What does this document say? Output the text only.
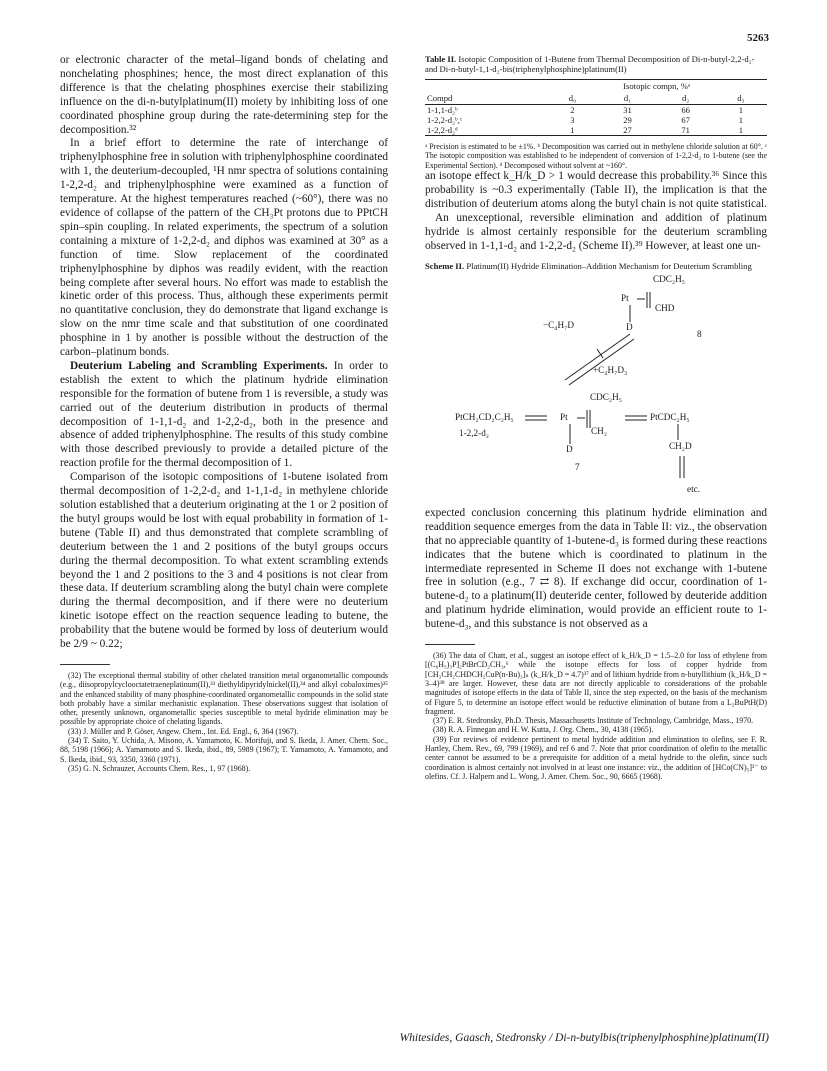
5263

or electronic character of the metal–ligand bonds of chelating and nonchelating phosphines; hence, the most direct explanation of this difference is that the chelating phosphines exercise their stabilizing influence on the di-n-butylplatinum(II) moiety by inhibiting loss of one coordinated phosphine group during the rate-determining step for the decomposition.³²

In a brief effort to determine the rate of interchange of triphenylphosphine free in solution with triphenylphosphine coordinated with 1, the deuterium-decoupled, ¹H nmr spectra of solutions containing 1-2,2-d₂ and triphenylphosphine were examined as a function of temperature. At the highest temperatures reached (~60°), there was no evidence of collapse of the pattern of the CH₃Pt protons due to PPtCH spin–spin coupling. In related experiments, the spectrum of a solution containing a mixture of 1-2,2-d₂ and diphos was examined at 30° as a function of time. Slow replacement of the coordinated triphenylphosphine by diphos was readily evident, with the reaction being complete after several hours. No effort was made to establish the kinetic order of this process. Thus, although these experiments permit no quantitative conclusion, they do demonstrate that ligand exchange is slow on the nmr time scale and that substitution of one coordinated phosphine in 1 by another is possible without the destruction of the carbon–platinum bonds.

Deuterium Labeling and Scrambling Experiments. In order to establish the extent to which the platinum hydride elimination responsible for the formation of butene from 1 is reversible, a study was carried out of the deuterium distribution in products of thermal decomposition of 1-1,1-d₂ and 1-2,2-d₂, both in the presence and absence of added triphenylphosphine. The results of this study combine with those described previously to provide a detailed picture of the reaction profile for the thermal decomposition of 1.

Comparison of the isotopic compositions of 1-butene isolated from thermal decomposition of 1-2,2-d₂ and 1-1,1-d₂ in methylene chloride solution established that a deuterium originating at the 1 or 2 position of the butyl groups would be lost with equal probability in formation of 1-butene (Table II) and thus demonstrated that complete scrambling of deuterium between the 1 and 2 positions of the butyl groups occurs during the thermal decomposition. To what extent scrambling extends beyond the 1 and 2 positions to the 3 and 4 positions is not clear from these data. If deuterium scrambling along the butyl chain were complete during the thermal decomposition, and if there were no deuterium kinetic isotope effect on the reaction sequence leading to butene, the probability that the butene would be formed by loss of deuterium would be 2/9 ~ 0.22;

(32) The exceptional thermal stability of other chelated transition metal organometallic compounds (e.g., diisopropylcyclooctatetraeneplatinum(II),³³ diethyldipyridylnickel(II),³⁴ and alkyl cobaloximes)³⁵ and the enhanced stability of many phosphine-coordinated organometallic compounds in the solid state both probably have a similar mechanistic explanation. These observations suggest that isolation of other, presently unknown, organometallic species susceptible to metal hydride elimination may be possible by appropriate choice of chelating ligands.

(33) J. Müller and P. Göser, Angew. Chem., Int. Ed. Engl., 6, 364 (1967).

(34) T. Saito, Y. Uchida, A. Misono, A. Yamamoto, K. Morifuji, and S. Ikeda, J. Amer. Chem. Soc., 88, 5198 (1966); A. Yamamoto and S. Ikeda, ibid., 89, 5989 (1967); T. Yamamoto, A. Yamamoto, and S. Ikeda, ibid., 93, 3350, 3360 (1971).

(35) G. N. Schrauzer, Accounts Chem. Res., 1, 97 (1968).

Table II. Isotopic Composition of 1-Butene from Thermal Decomposition of Di-n-butyl-2,2-d₂- and Di-n-butyl-1,1-d₂-bis(triphenylphosphine)platinum(II)

	Isotopic compn, %ᵃ			
Compd	d₀	d₁	d₂	d₃
1-1,1-d₂ᵇ	2	31	66	1
1-2,2-d₂ᵇ,ᶜ	3	29	67	1
1-2,2-d₂ᵈ	1	27	71	1

ᵃ Precision is estimated to be ±1%. ᵇ Decomposition was carried out in methylene chloride solution at 60°. ᶜ The isotopic composition was established to be independent of conversion of 1-2,2-d₂ to 1-butene (see the Experimental Section). ᵈ Decomposed without solvent at ~160°.

an isotope effect k_H/k_D > 1 would decrease this probability.³⁶ Since this probability is ~0.3 experimentally (Table II), the implication is that the distribution of deuterium atoms along the butyl chain is not quite statistical.

An unexceptional, reversible elimination and addition of platinum hydride is almost certainly responsible for the deuterium scrambling observed in 1-1,1-d₂ and 1-2,2-d₂ (Scheme II).³⁹ However, at least one un-

Scheme II. Platinum(II) Hydride Elimination–Addition Mechanism for Deuterium Scrambling

CDC₂H₅
Pt
CHD
D
8
−C₄H₇D
+C₄H₇D₃
CDC₂H₅
PtCH₂CD₂C₂H₅
1-2,2-d₂
Pt	PtCDC₂H₅
CH₂
D	CH₂D
7
etc.

expected conclusion concerning this platinum hydride elimination and readdition sequence emerges from the data in Table II: viz., the observation that no appreciable quantity of 1-butene-d₃ is formed during these reactions indicates that the butene which is coordinated to platinum in the intermediate represented in Scheme II does not exchange with 1-butene free in solution (e.g., 7 ⇄ 8). If exchange did occur, coordination of 1-butene-d₂ to a platinum(II) deuteride center, followed by deuteride addition and platinum hydride elimination, would provide an efficient route to 1-butene-d₃, and this substance is not observed as a

(36) The data of Chatt, et al., suggest an isotope effect of k_H/k_D = 1.5–2.0 for loss of ethylene from [(C₆H₅)₃P]₂PtBrCD₂CH₃,⁶ while the isotope effects for loss of copper hydride from [CH₃CH₂CHDCH₂CuP(n-Bu)₃]ₙ (k_H/k_D = 4.7)³⁷ and of lithium hydride from n-butyllithium (k_H/k_D = 3–4)³⁸ are larger. However, these data are not directly applicable to considerations of the probable magnitudes of isotope effects in the data of Table II, since the step expected, on the basis of the mechanism of Figure 5, to determine an isotope effect would be reductive elimination of butane from a L₂BuPtH(D) fragment.

(37) E. R. Stedronsky, Ph.D. Thesis, Massachusetts Institute of Technology, Cambridge, Mass., 1970.

(38) R. A. Finnegan and H. W. Kutta, J. Org. Chem., 30, 4138 (1965).

(39) For reviews of evidence pertinent to metal hydride addition and elimination to olefins, see F. R. Hartley, Chem. Rev., 69, 799 (1969), and ref 6 and 7. Note that prior coordination of olefin to the metallic center cannot be assumed to be a prerequisite for addition of a metal hydride to the olefin, since such coordination is almost certainly not involved in at least one instance: viz., the addition of [HCo(CN)₅]³⁻ to olefins. Cf. J. Halpern and L. Wong, J. Amer. Chem. Soc., 90, 6665 (1968).

Whitesides, Gaasch, Stedronsky / Di-n-butylbis(triphenylphosphine)platinum(II)
